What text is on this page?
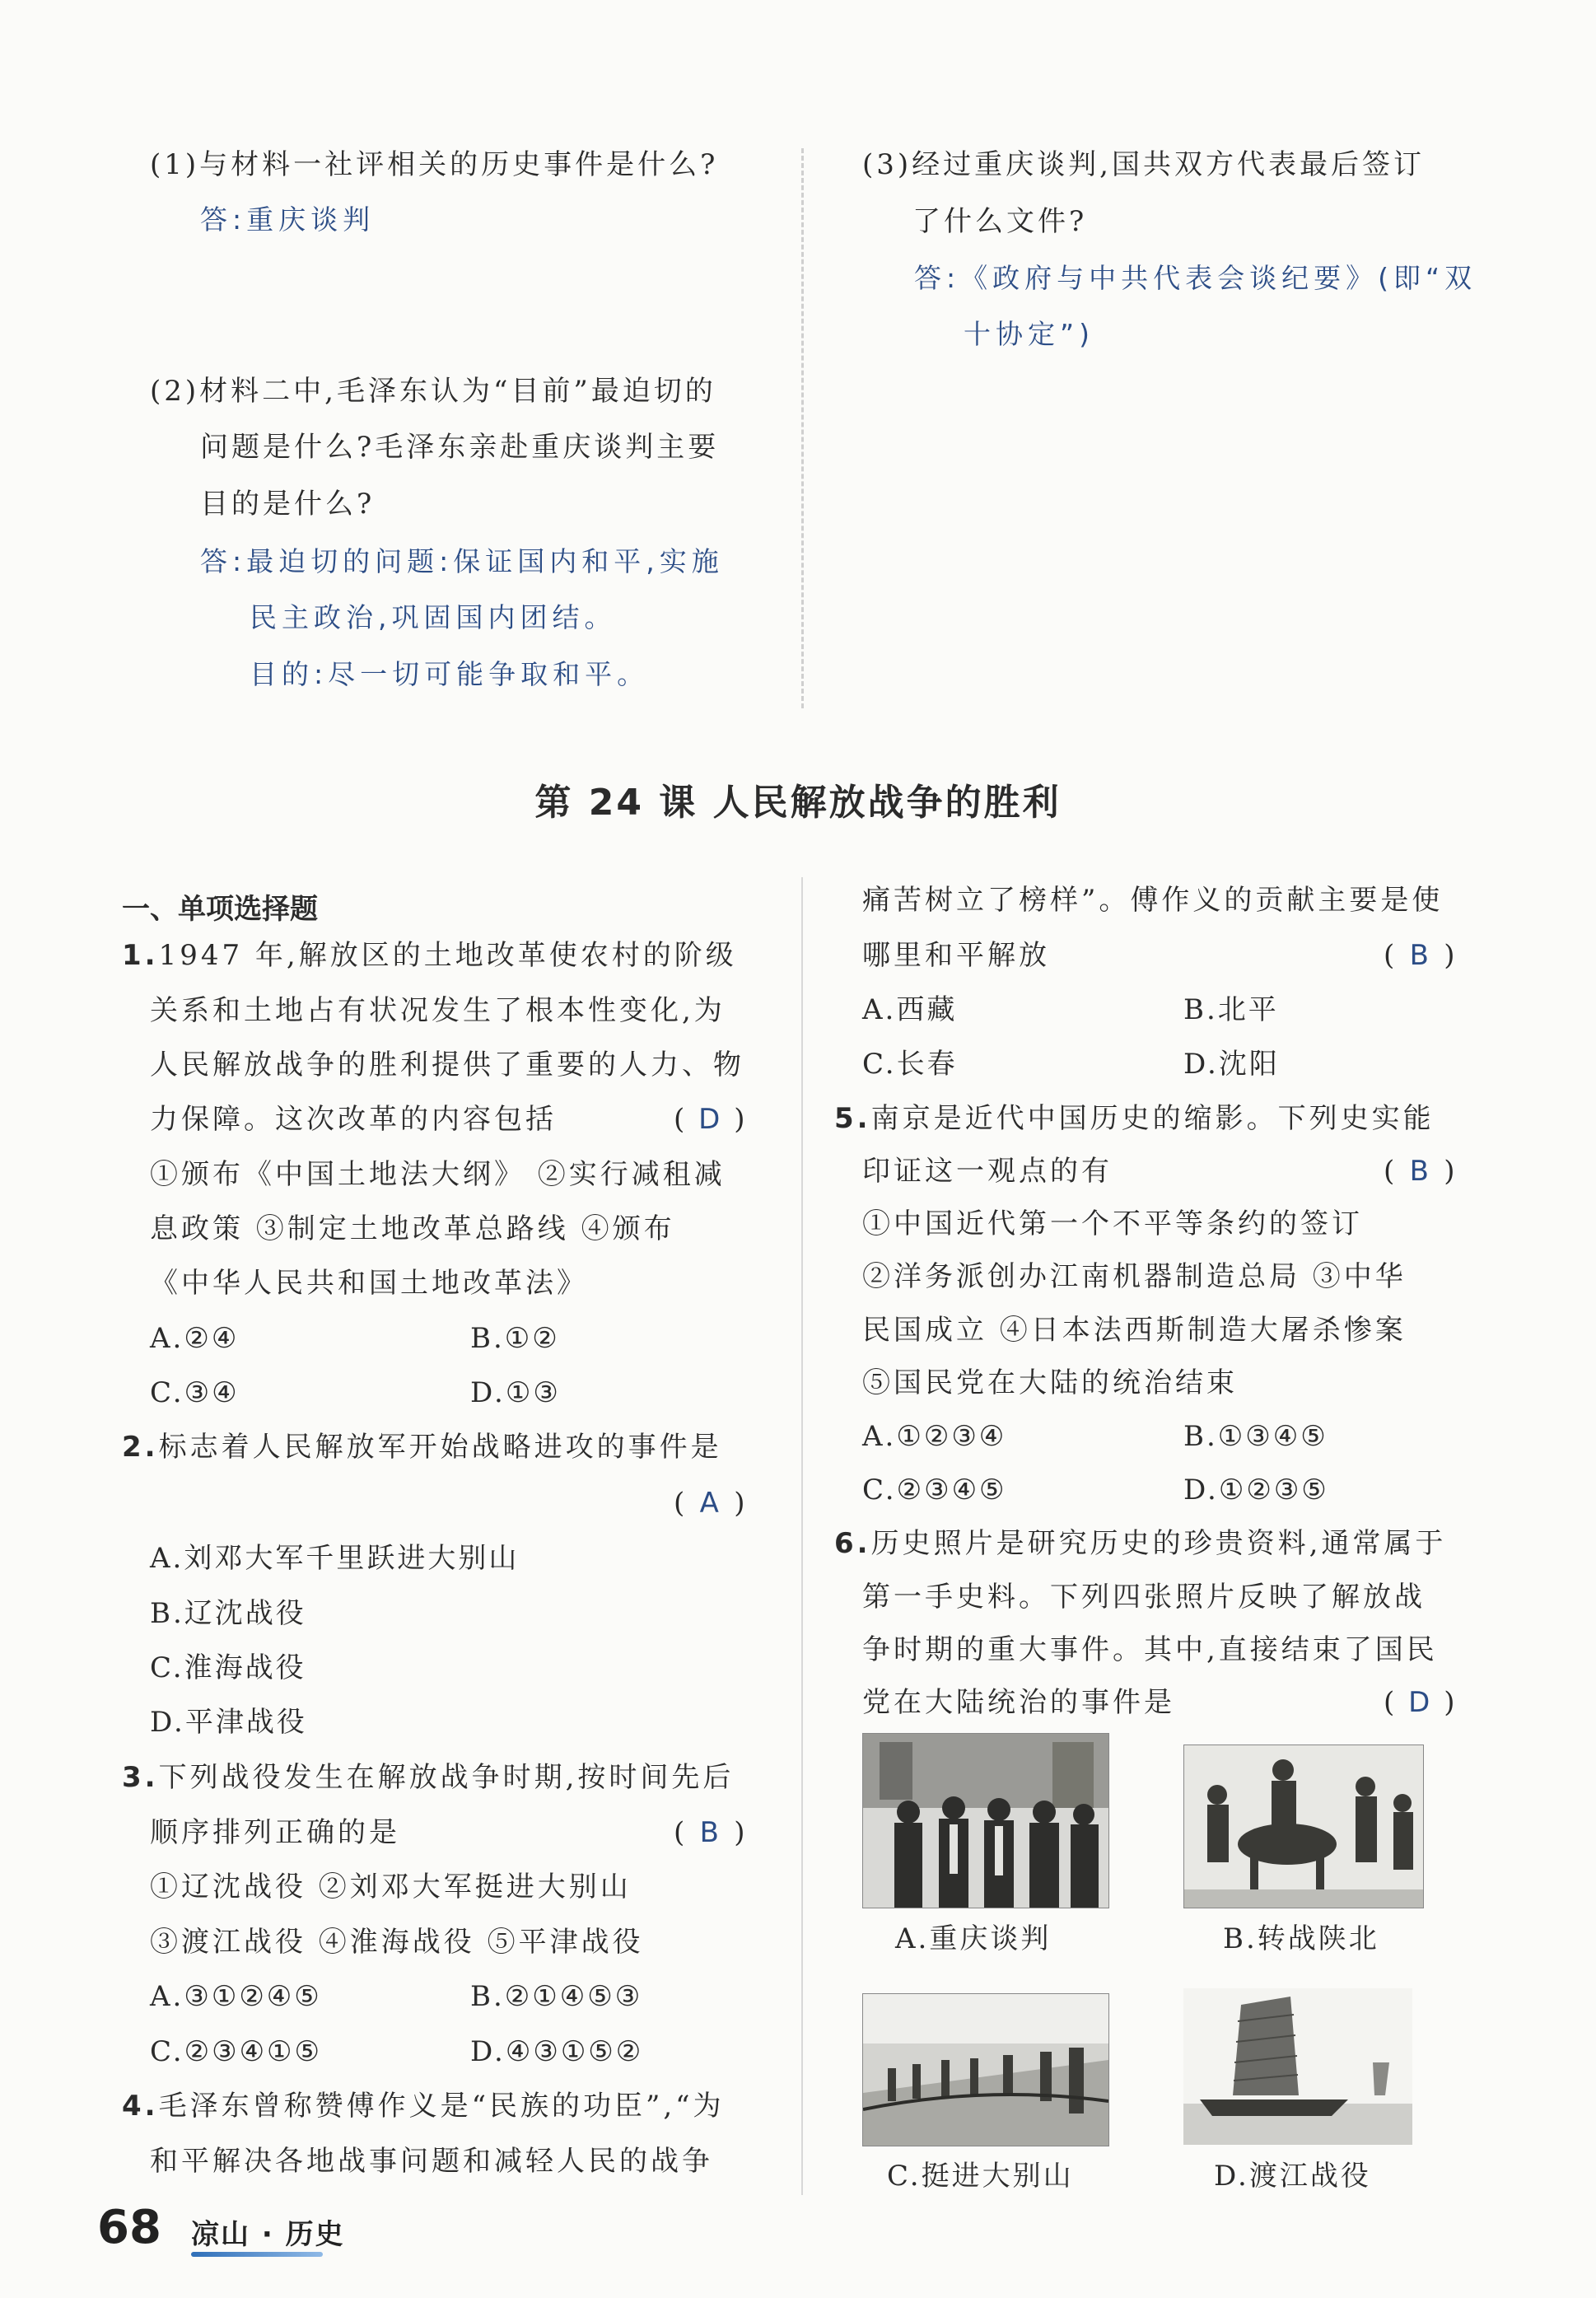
(1)与材料一社评相关的历史事件是什么?
答:重庆谈判
(2)材料二中,毛泽东认为“目前”最迫切的
问题是什么?毛泽东亲赴重庆谈判主要
目的是什么?
答:最迫切的问题:保证国内和平,实施
民主政治,巩固国内团结。
目的:尽一切可能争取和平。
(3)经过重庆谈判,国共双方代表最后签订
了什么文件?
答:《政府与中共代表会谈纪要》(即“双
十协定”)
第 24 课 人民解放战争的胜利
一、单项选择题
1.1947 年,解放区的土地改革使农村的阶级
关系和土地占有状况发生了根本性变化,为
人民解放战争的胜利提供了重要的人力、物
力保障。这次改革的内容包括	( D )
①颁布《中国土地法大纲》 ②实行减租减
息政策 ③制定土地改革总路线 ④颁布
《中华人民共和国土地改革法》
A.②④	B.①②
C.③④	D.①③
2.标志着人民解放军开始战略进攻的事件是
( A )
A.刘邓大军千里跃进大别山
B.辽沈战役
C.淮海战役
D.平津战役
3.下列战役发生在解放战争时期,按时间先后
顺序排列正确的是	( B )
①辽沈战役 ②刘邓大军挺进大别山
③渡江战役 ④淮海战役 ⑤平津战役
A.③①②④⑤	B.②①④⑤③
C.②③④①⑤	D.④③①⑤②
4.毛泽东曾称赞傅作义是“民族的功臣”,“为
和平解决各地战事问题和减轻人民的战争
痛苦树立了榜样”。傅作义的贡献主要是使
哪里和平解放	( B )
A.西藏	B.北平
C.长春	D.沈阳
5.南京是近代中国历史的缩影。下列史实能
印证这一观点的有	( B )
①中国近代第一个不平等条约的签订
②洋务派创办江南机器制造总局 ③中华
民国成立 ④日本法西斯制造大屠杀惨案
⑤国民党在大陆的统治结束
A.①②③④	B.①③④⑤
C.②③④⑤	D.①②③⑤
6.历史照片是研究历史的珍贵资料,通常属于
第一手史料。下列四张照片反映了解放战
争时期的重大事件。其中,直接结束了国民
党在大陆统治的事件是	( D )
A.重庆谈判	B.转战陕北
C.挺进大别山	D.渡江战役
68 凉山 · 历史
